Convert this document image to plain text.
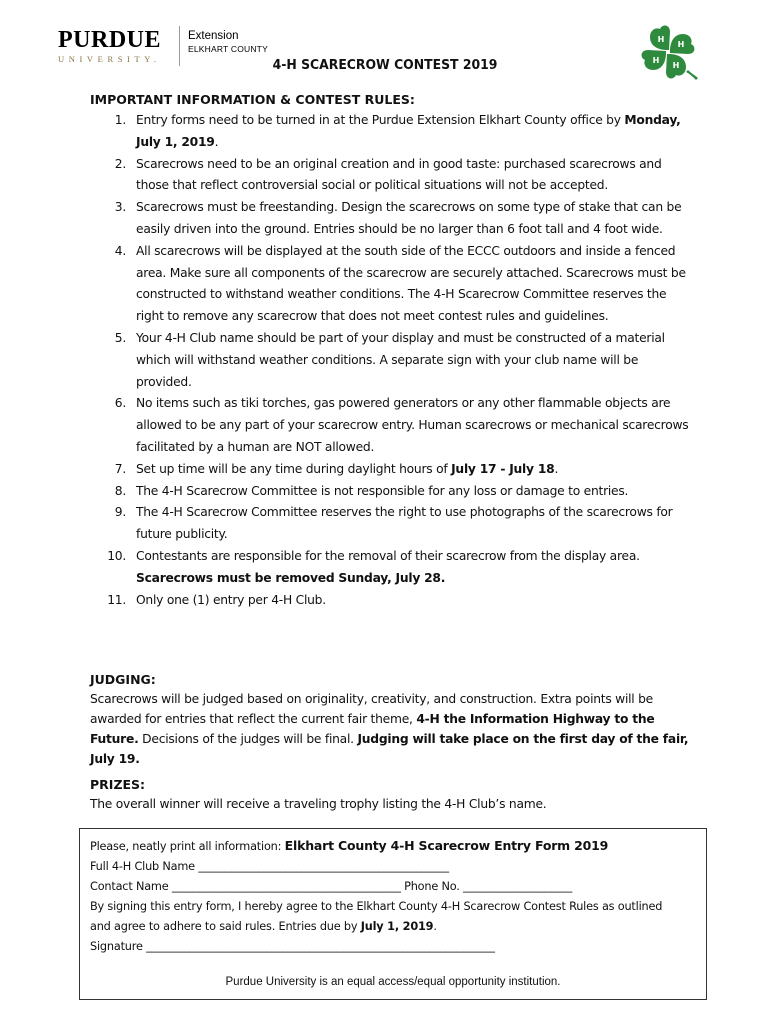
PURDUE
UNIVERSITY.
Extension
ELKHART COUNTY
H
H
H
H
4-H SCARECROW CONTEST 2019
IMPORTANT INFORMATION & CONTEST RULES:
1. Entry forms need to be turned in at the Purdue Extension Elkhart County office by Monday, July 1, 2019.
2. Scarecrows need to be an original creation and in good taste: purchased scarecrows and those that reflect controversial social or political situations will not be accepted.
3. Scarecrows must be freestanding. Design the scarecrows on some type of stake that can be easily driven into the ground. Entries should be no larger than 6 foot tall and 4 foot wide.
4. All scarecrows will be displayed at the south side of the ECCC outdoors and inside a fenced area. Make sure all components of the scarecrow are securely attached. Scarecrows must be constructed to withstand weather conditions. The 4-H Scarecrow Committee reserves the right to remove any scarecrow that does not meet contest rules and guidelines.
5. Your 4-H Club name should be part of your display and must be constructed of a material which will withstand weather conditions. A separate sign with your club name will be provided.
6. No items such as tiki torches, gas powered generators or any other flammable objects are allowed to be any part of your scarecrow entry. Human scarecrows or mechanical scarecrows facilitated by a human are NOT allowed.
7. Set up time will be any time during daylight hours of July 17 - July 18.
8. The 4-H Scarecrow Committee is not responsible for any loss or damage to entries.
9. The 4-H Scarecrow Committee reserves the right to use photographs of the scarecrows for future publicity.
10. Contestants are responsible for the removal of their scarecrow from the display area. Scarecrows must be removed Sunday, July 28.
11. Only one (1) entry per 4-H Club.
JUDGING:
Scarecrows will be judged based on originality, creativity, and construction. Extra points will be awarded for entries that reflect the current fair theme, 4-H the Information Highway to the Future. Decisions of the judges will be final. Judging will take place on the first day of the fair, July 19.
PRIZES:
The overall winner will receive a traveling trophy listing the 4-H Club’s name.
Please, neatly print all information: Elkhart County 4-H Scarecrow Entry Form 2019
Full 4-H Club Name ______________________________________________
Contact Name __________________________________________ Phone No. ____________________
By signing this entry form, I hereby agree to the Elkhart County 4-H Scarecrow Contest Rules as outlined
and agree to adhere to said rules. Entries due by July 1, 2019.
Signature ________________________________________________________________
Purdue University is an equal access/equal opportunity institution.
